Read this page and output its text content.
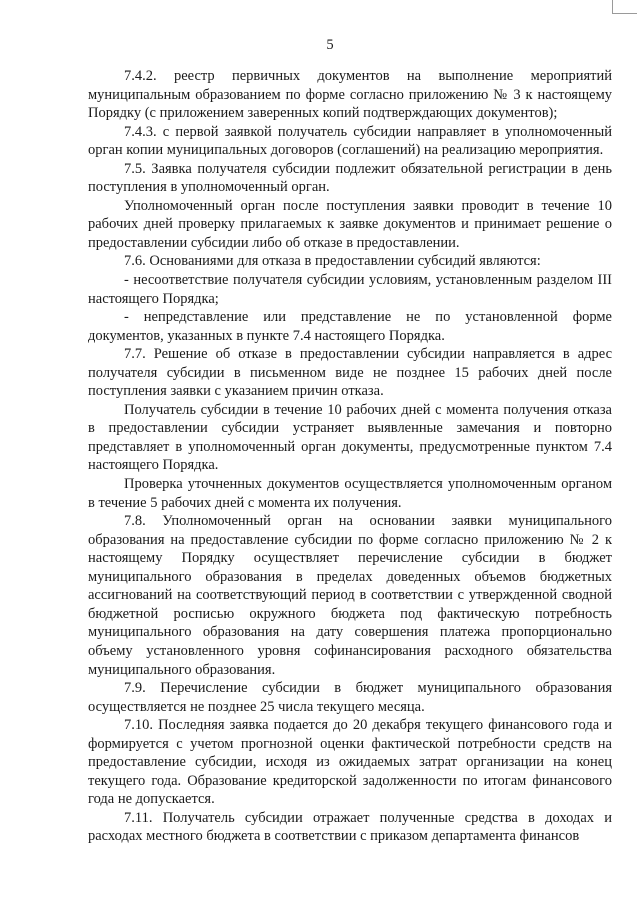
5

7.4.2. реестр первичных документов на выполнение мероприятий муниципальным образованием по форме согласно приложению № 3 к настоящему Порядку (с приложением заверенных копий подтверждающих документов);

7.4.3. с первой заявкой получатель субсидии направляет в уполномоченный орган копии муниципальных договоров (соглашений) на реализацию мероприятия.

7.5. Заявка получателя субсидии подлежит обязательной регистрации в день поступления в уполномоченный орган.

Уполномоченный орган после поступления заявки проводит в течение 10 рабочих дней проверку прилагаемых к заявке документов и принимает решение о предоставлении субсидии либо об отказе в предоставлении.

7.6. Основаниями для отказа в предоставлении субсидий являются:

- несоответствие получателя субсидии условиям, установленным разделом III настоящего Порядка;

- непредставление или представление не по установленной форме документов, указанных в пункте 7.4 настоящего Порядка.

7.7. Решение об отказе в предоставлении субсидии направляется в адрес получателя субсидии в письменном виде не позднее 15 рабочих дней после поступления заявки с указанием причин отказа.

Получатель субсидии в течение 10 рабочих дней с момента получения отказа в предоставлении субсидии устраняет выявленные замечания и повторно представляет в уполномоченный орган документы, предусмотренные пунктом 7.4 настоящего Порядка.

Проверка уточненных документов осуществляется уполномоченным органом в течение 5 рабочих дней с момента их получения.

7.8. Уполномоченный орган на основании заявки муниципального образования на предоставление субсидии по форме согласно приложению № 2 к настоящему Порядку осуществляет перечисление субсидии в бюджет муниципального образования в пределах доведенных объемов бюджетных ассигнований на соответствующий период в соответствии с утвержденной сводной бюджетной росписью окружного бюджета под фактическую потребность муниципального образования на дату совершения платежа пропорционально объему установленного уровня софинансирования расходного обязательства муниципального образования.

7.9. Перечисление субсидии в бюджет муниципального образования осуществляется не позднее 25 числа текущего месяца.

7.10. Последняя заявка подается до 20 декабря текущего финансового года и формируется с учетом прогнозной оценки фактической потребности средств на предоставление субсидии, исходя из ожидаемых затрат организации на конец текущего года. Образование кредиторской задолженности по итогам финансового года не допускается.

7.11. Получатель субсидии отражает полученные средства в доходах и расходах местного бюджета в соответствии с приказом департамента финансов
